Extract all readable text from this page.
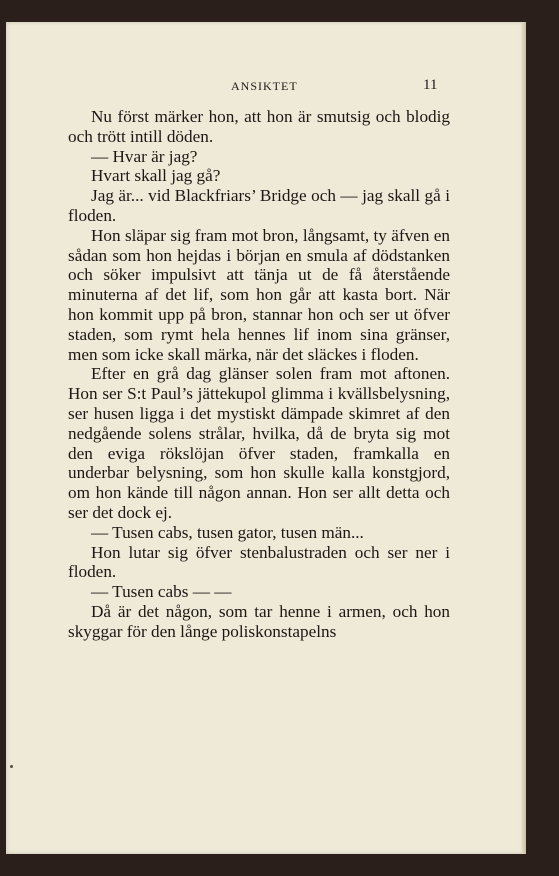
ANSIKTET	11

Nu först märker hon, att hon är smutsig och blodig och trött intill döden.

— Hvar är jag?

Hvart skall jag gå?

Jag är... vid Blackfriars’ Bridge och — jag skall gå i floden.

Hon släpar sig fram mot bron, långsamt, ty äfven en sådan som hon hejdas i början en smula af dödstanken och söker impulsivt att tänja ut de få återstående minuterna af det lif, som hon går att kasta bort. När hon kommit upp på bron, stannar hon och ser ut öfver staden, som rymt hela hennes lif inom sina gränser, men som icke skall märka, när det släckes i floden.

Efter en grå dag glänser solen fram mot aftonen. Hon ser S:t Paul’s jättekupol glimma i kvällsbelysning, ser husen ligga i det mystiskt dämpade skimret af den nedgående solens strålar, hvilka, då de bryta sig mot den eviga rökslöjan öfver staden, framkalla en underbar belysning, som hon skulle kalla konstgjord, om hon kände till någon annan. Hon ser allt detta och ser det dock ej.

— Tusen cabs, tusen gator, tusen män...

Hon lutar sig öfver stenbalustraden och ser ner i floden.

— Tusen cabs — —

Då är det någon, som tar henne i armen, och hon skyggar för den långe poliskonstapelns
